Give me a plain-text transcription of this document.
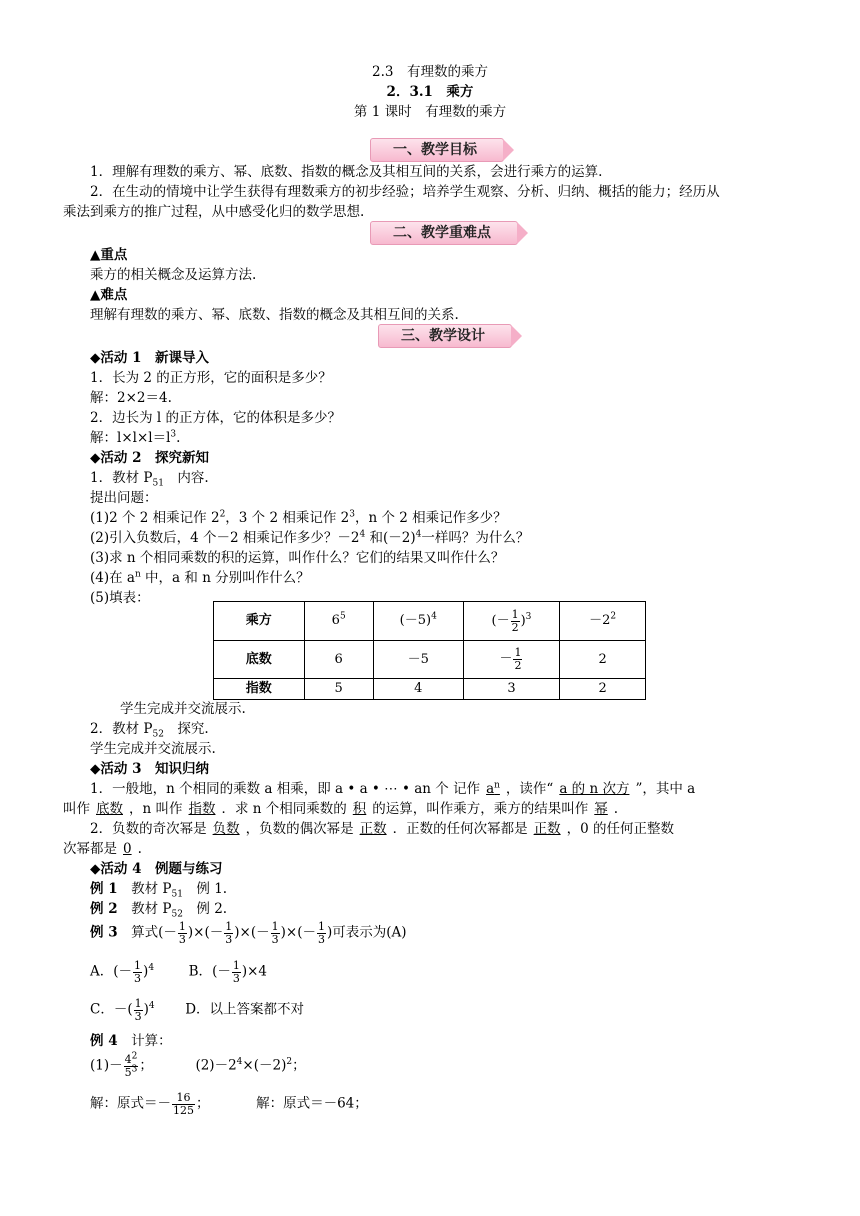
2.3　有理数的乘方
2．3.1　乘方
第 1 课时　有理数的乘方
一、教学目标
1．理解有理数的乘方、幂、底数、指数的概念及其相互间的关系，会进行乘方的运算.
2．在生动的情境中让学生获得有理数乘方的初步经验；培养学生观察、分析、归纳、概括的能力；经历从
乘法到乘方的推广过程，从中感受化归的数学思想.
二、教学重难点
▲重点
乘方的相关概念及运算方法.
▲难点
理解有理数的乘方、幂、底数、指数的概念及其相互间的关系.
三、教学设计
◆活动 1　新课导入
1．长为 2 的正方形，它的面积是多少？
解：2×2＝4.
2．边长为 l 的正方体，它的体积是多少？
解：$l\times l\times l=l^3$.
◆活动 2　探究新知
1．教材 $P_{51}$　内容.
提出问题：
(1)2 个 2 相乘记作 $2^2$，3 个 2 相乘记作 $2^3$，n 个 2 相乘记作多少？
(2)引入负数后，4 个－2 相乘记作多少？$-2^4$ 和$(-2)^4$一样吗？为什么？
(3)求 n 个相同乘数的积的运算，叫作什么？它们的结果又叫作什么？
(4)在 $a^n$ 中，a 和 n 分别叫作什么？
(5)填表：
乘方	$6^5$	$(-5)^4$	(－ $\frac{1}{2} )^3$	$-2^2$
底数	6	－5	－ $\frac{1}{2}$	2
指数	5	4	3	2
学生完成并交流展示.
2．教材 $P_{52}$　探究.
学生完成并交流展示.
◆活动 3　知识归纳
1．一般地，n 个相同的乘数 a 相乘，即 a • a • ⋯ • an 个 记作 $a^n$ ，读作“ a 的 n 次方 ”，其中 a
叫作 底数 ，n 叫作 指数 ．求 n 个相同乘数的 积 的运算，叫作乘方，乘方的结果叫作 幂 .
2．负数的奇次幂是 负数 ，负数的偶次幂是 正数 ．正数的任何次幂都是 正数 ，0 的任何正整数
次幂都是 0 .
◆活动 4　例题与练习
例 1　教材 $P_{51}$　例 1.
例 2　教材 $P_{52}$　例 2.
例 3　算式(－ $\frac{1}{3}$ )×(－ $\frac{1}{3}$ )×(－ $\frac{1}{3}$ )×(－ $\frac{1}{3}$ )可表示为(A)
A．(－ $\frac{1}{3} )^4$	B．(－ $\frac{1}{3} )\times 4$
C．－( $\frac{1}{3} )^4$ D．以上答案都不对
例 4　计算：
$(1)- \frac{4^2}{5^3}$ ；	$(2)-2^4\times(-2)^2$；
解：原式＝－ $\frac{16}{125}$ ；	解：原式＝－64；
